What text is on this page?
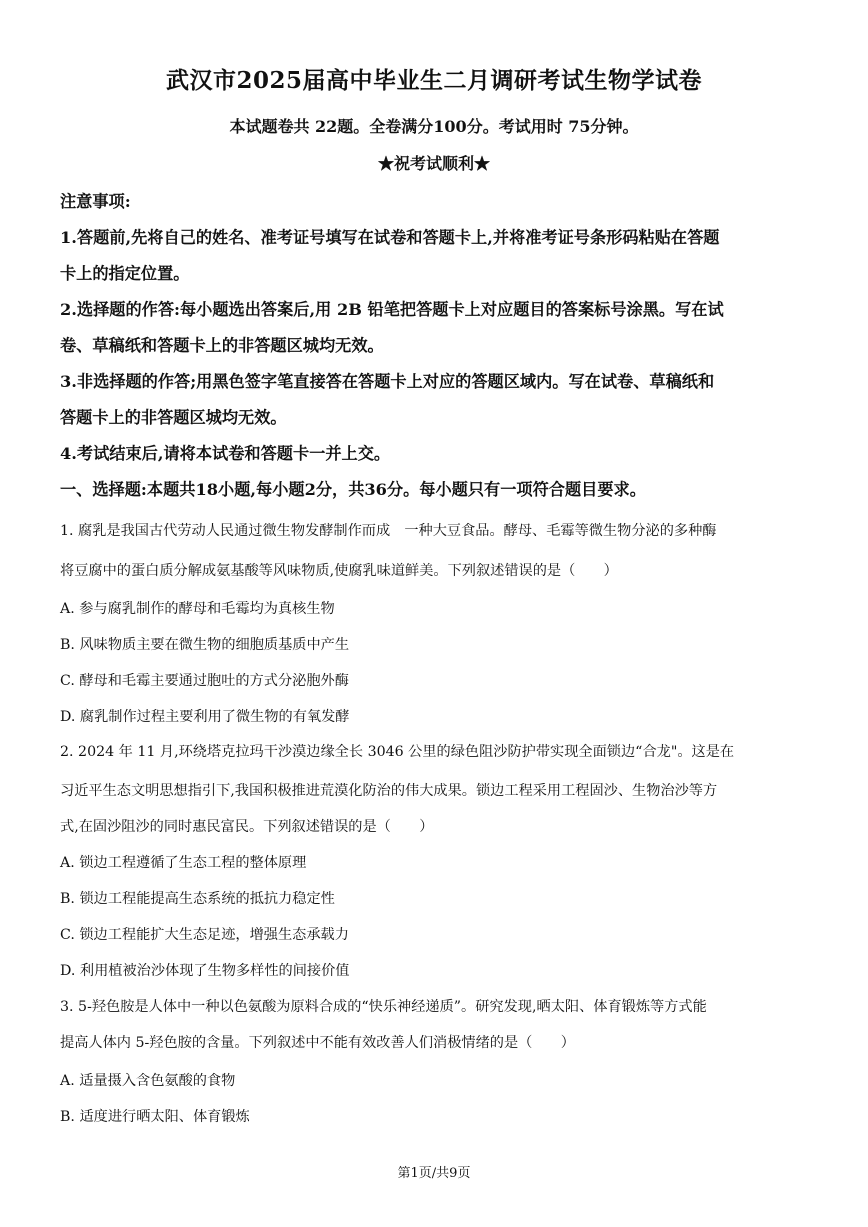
武汉市2025届高中毕业生二月调研考试生物学试卷
本试题卷共 22题。全卷满分100分。考试用时 75分钟。
★祝考试顺利★
注意事项:
1.答题前,先将自己的姓名、准考证号填写在试卷和答题卡上,并将准考证号条形码粘贴在答题
卡上的指定位置。
2.选择题的作答:每小题选出答案后,用 2B 铅笔把答题卡上对应题目的答案标号涂黑。写在试
卷、草稿纸和答题卡上的非答题区城均无效。
3.非选择题的作答;用黑色签字笔直接答在答题卡上对应的答题区域内。写在试卷、草稿纸和
答题卡上的非答题区城均无效。
4.考试结束后,请将本试卷和答题卡一并上交。
一、选择题:本题共18小题,每小题2分，共36分。每小题只有一项符合题目要求。
1. 腐乳是我国古代劳动人民通过微生物发酵制作而成　一种大豆食品。酵母、毛霉等微生物分泌的多种酶
将豆腐中的蛋白质分解成氨基酸等风味物质,使腐乳味道鲜美。下列叙述错误的是（　　）
A. 参与腐乳制作的酵母和毛霉均为真核生物
B. 风味物质主要在微生物的细胞质基质中产生
C. 酵母和毛霉主要通过胞吐的方式分泌胞外酶
D. 腐乳制作过程主要利用了微生物的有氧发酵
2. 2024 年 11 月,环绕塔克拉玛干沙漠边缘全长 3046 公里的绿色阻沙防护带实现全面锁边“合龙"。这是在
习近平生态文明思想指引下,我国积极推进荒漠化防治的伟大成果。锁边工程采用工程固沙、生物治沙等方
式,在固沙阻沙的同时惠民富民。下列叙述错误的是（　　）
A. 锁边工程遵循了生态工程的整体原理
B. 锁边工程能提高生态系统的抵抗力稳定性
C. 锁边工程能扩大生态足迹，增强生态承载力
D. 利用植被治沙体现了生物多样性的间接价值
3. 5-羟色胺是人体中一种以色氨酸为原料合成的“快乐神经递质”。研究发现,晒太阳、体育锻炼等方式能
提高人体内 5-羟色胺的含量。下列叙述中不能有效改善人们消极情绪的是（　　）
A. 适量摄入含色氨酸的食物
B. 适度进行晒太阳、体育锻炼
第1页/共9页
